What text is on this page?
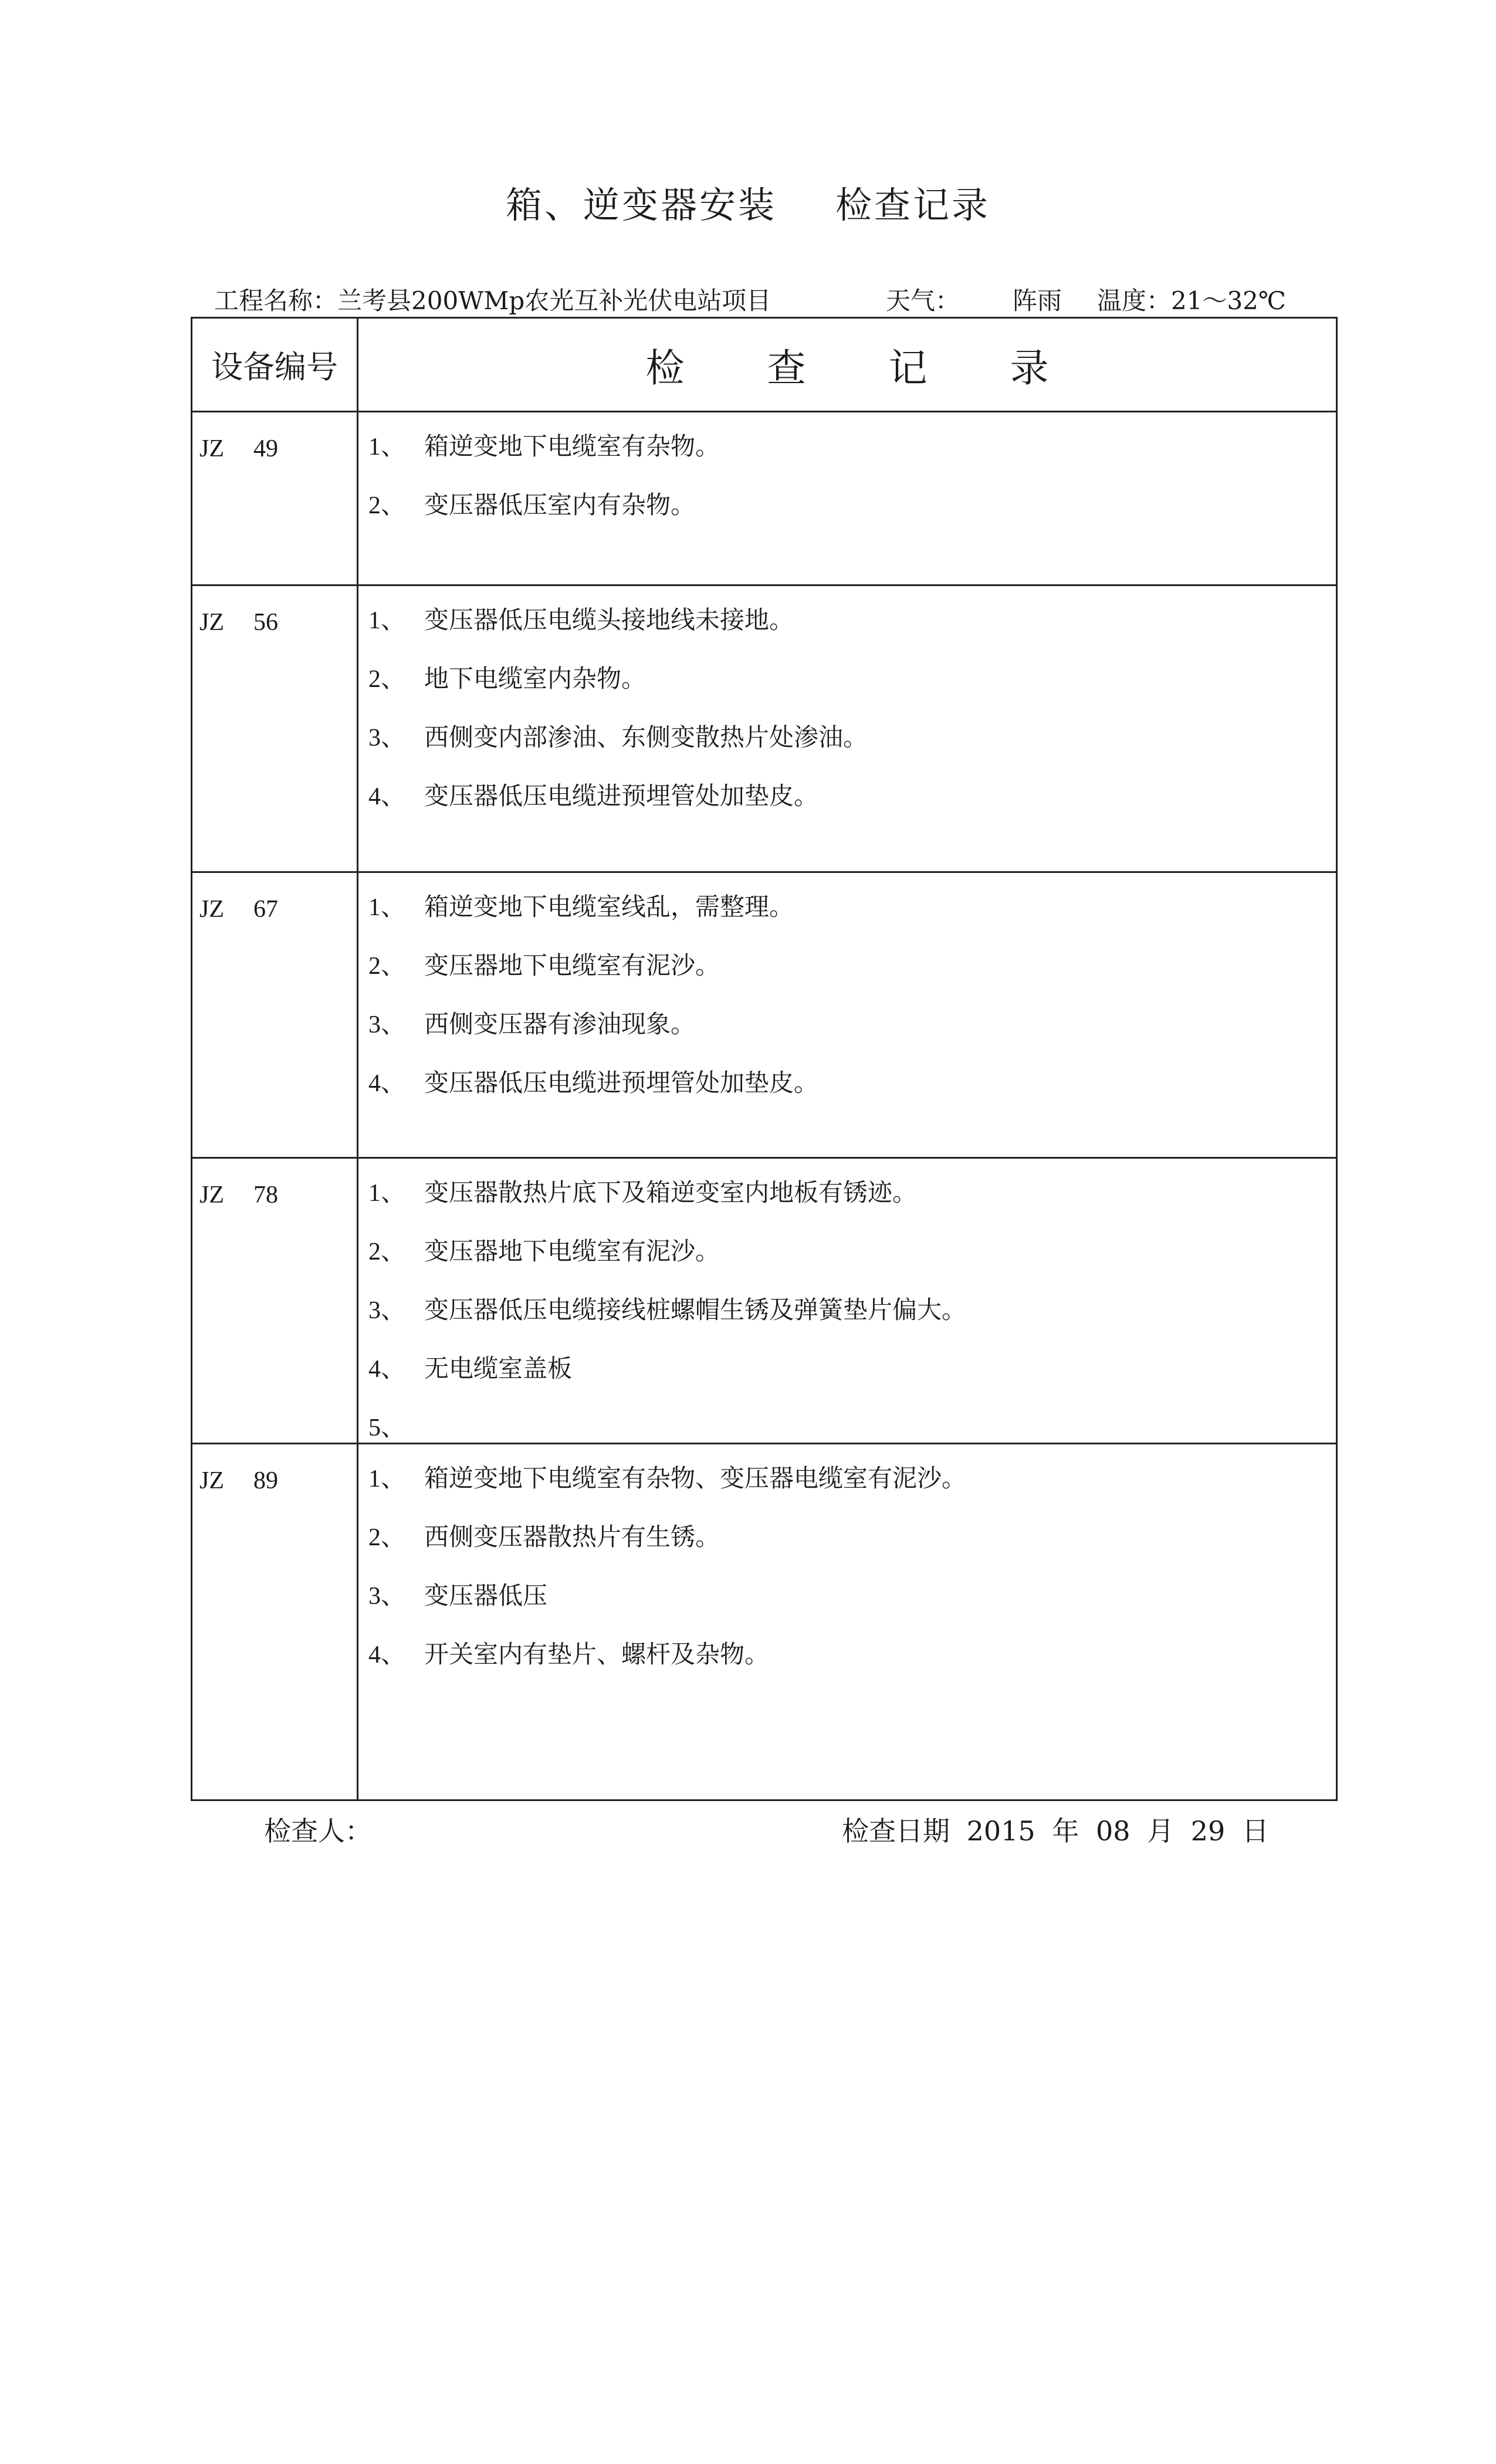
箱、逆变器安装 检查记录
工程名称：兰考县200WMp农光互补光伏电站项目	天气： 阵雨 温度：21～32℃
设备编号	检 查 记 录
JZ 49	1、 箱逆变地下电缆室有杂物。
2、 变压器低压室内有杂物。
JZ 56	1、 变压器低压电缆头接地线未接地。
2、 地下电缆室内杂物。
3、 西侧变内部渗油、东侧变散热片处渗油。
4、 变压器低压电缆进预埋管处加垫皮。
JZ 67	1、 箱逆变地下电缆室线乱，需整理。
2、 变压器地下电缆室有泥沙。
3、 西侧变压器有渗油现象。
4、 变压器低压电缆进预埋管处加垫皮。
JZ 78	1、 变压器散热片底下及箱逆变室内地板有锈迹。
2、 变压器地下电缆室有泥沙。
3、 变压器低压电缆接线桩螺帽生锈及弹簧垫片偏大。
4、 无电缆室盖板
5、
JZ 89	1、 箱逆变地下电缆室有杂物、变压器电缆室有泥沙。
2、 西侧变压器散热片有生锈。
3、 变压器低压
4、 开关室内有垫片、螺杆及杂物。
检查人：	检查日期 2015 年 08 月 29 日
